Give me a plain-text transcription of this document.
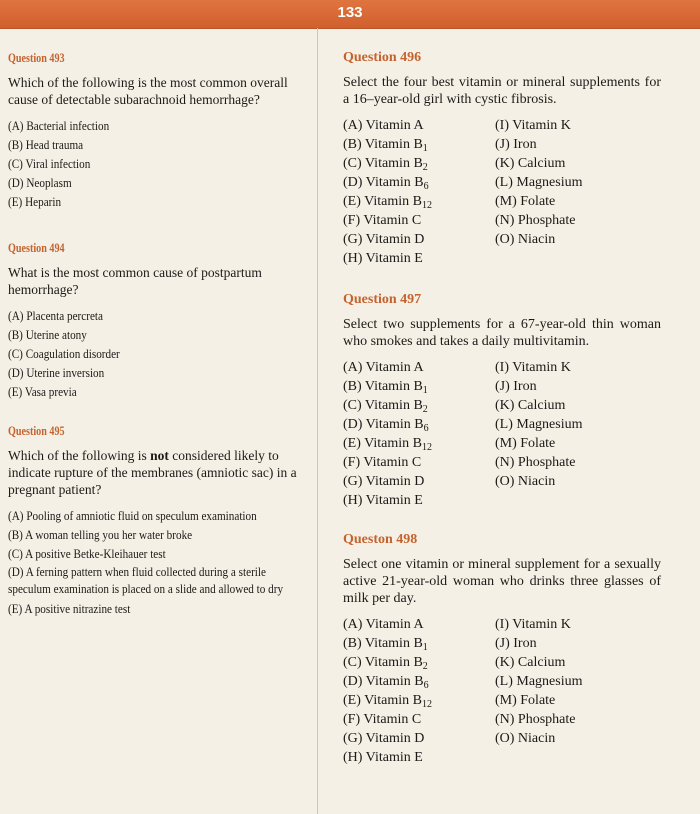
133
Question 493
Which of the following is the most common overall cause of detectable subarachnoid hemorrhage?
(A) Bacterial infection
(B) Head trauma
(C) Viral infection
(D) Neoplasm
(E) Heparin
Question 494
What is the most common cause of postpartum hemorrhage?
(A) Placenta percreta
(B) Uterine atony
(C) Coagulation disorder
(D) Uterine inversion
(E) Vasa previa
Question 495
Which of the following is not considered likely to indicate rupture of the membranes (amniotic sac) in a pregnant patient?
(A) Pooling of amniotic fluid on speculum examination
(B) A woman telling you her water broke
(C) A positive Betke-Kleihauer test
(D) A ferning pattern when fluid collected during a sterile speculum examination is placed on a slide and allowed to dry
(E) A positive nitrazine test
Question 496
Select the four best vitamin or mineral supplements for a 16–year-old girl with cystic fibrosis.
(A) Vitamin A
(B) Vitamin $B_1$
(C) Vitamin $B_2$
(D) Vitamin $B_6$
(E) Vitamin $B_{12}$
(F) Vitamin C
(G) Vitamin D
(H) Vitamin E
(I) Vitamin K
(J) Iron
(K) Calcium
(L) Magnesium
(M) Folate
(N) Phosphate
(O) Niacin
Question 497
Select two supplements for a 67-year-old thin woman who smokes and takes a daily multivitamin.
(A) Vitamin A
(B) Vitamin $B_1$
(C) Vitamin $B_2$
(D) Vitamin $B_6$
(E) Vitamin $B_{12}$
(F) Vitamin C
(G) Vitamin D
(H) Vitamin E
(I) Vitamin K
(J) Iron
(K) Calcium
(L) Magnesium
(M) Folate
(N) Phosphate
(O) Niacin
Queston 498
Select one vitamin or mineral supplement for a sexually active 21-year-old woman who drinks three glasses of milk per day.
(A) Vitamin A
(B) Vitamin $B_1$
(C) Vitamin $B_2$
(D) Vitamin $B_6$
(E) Vitamin $B_{12}$
(F) Vitamin C
(G) Vitamin D
(H) Vitamin E
(I) Vitamin K
(J) Iron
(K) Calcium
(L) Magnesium
(M) Folate
(N) Phosphate
(O) Niacin
